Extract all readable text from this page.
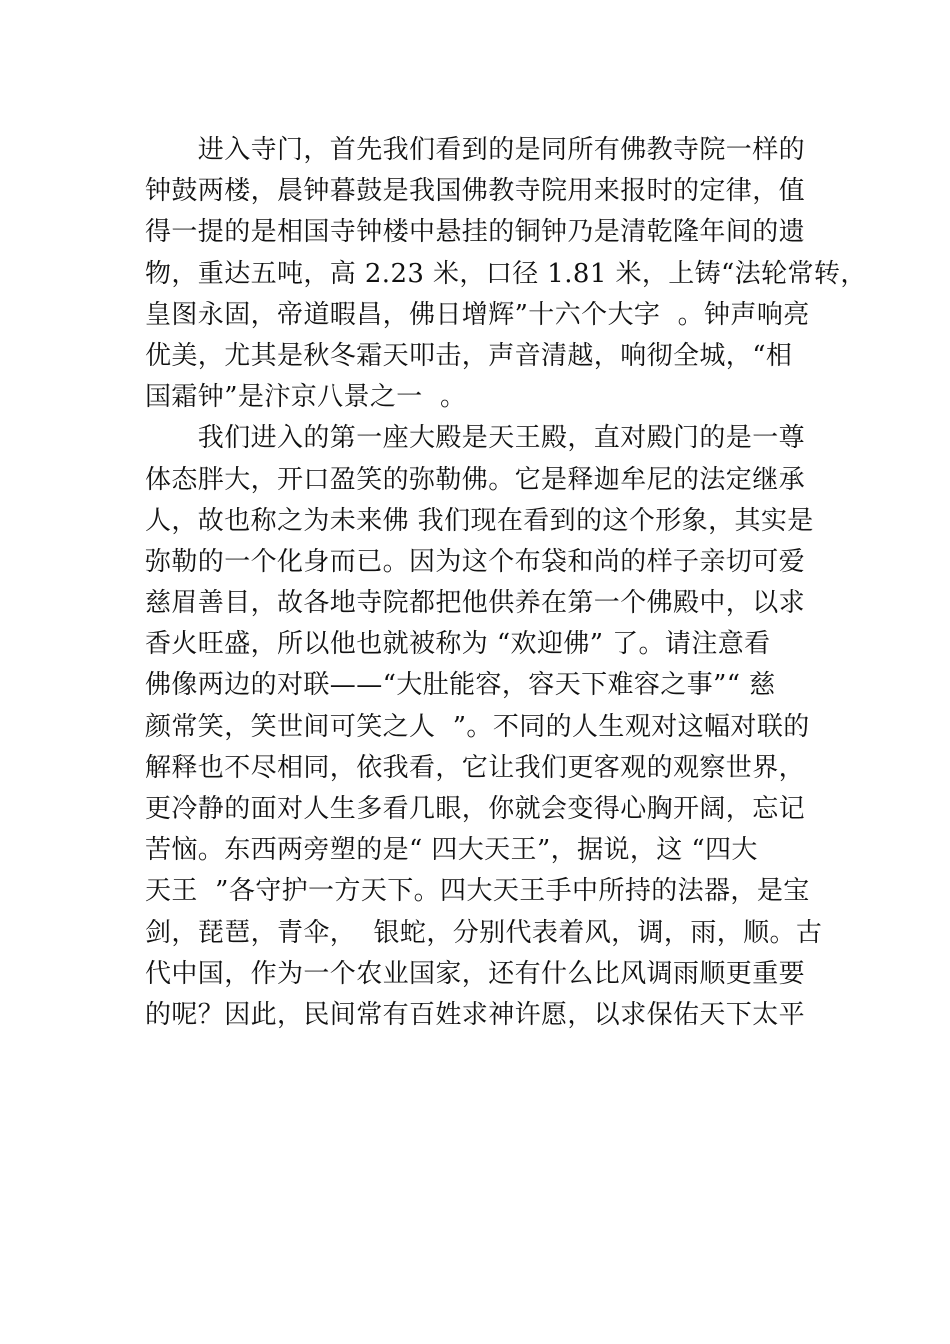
　　进入寺门，首先我们看到的是同所有佛教寺院一样的
钟鼓两楼，晨钟暮鼓是我国佛教寺院用来报时的定律，值
得一提的是相国寺钟楼中悬挂的铜钟乃是清乾隆年间的遗
物，重达五吨，高 2.23 米，口径 1.81 米，上铸“法轮常转，
皇图永固，帝道暇昌，佛日增辉”十六个大字  。钟声响亮
优美，尤其是秋冬霜天叩击，声音清越，响彻全城，“相
国霜钟”是汴京八景之一  。
　　我们进入的第一座大殿是天王殿，直对殿门的是一尊
体态胖大，开口盈笑的弥勒佛。它是释迦牟尼的法定继承
人，故也称之为未来佛 我们现在看到的这个形象，其实是
弥勒的一个化身而已。因为这个布袋和尚的样子亲切可爱
慈眉善目，故各地寺院都把他供养在第一个佛殿中，以求
香火旺盛，所以他也就被称为 “欢迎佛” 了。请注意看
佛像两边的对联——“大肚能容，容天下难容之事”“ 慈
颜常笑，笑世间可笑之人  ”。不同的人生观对这幅对联的
解释也不尽相同，依我看，它让我们更客观的观察世界，
更冷静的面对人生多看几眼，你就会变得心胸开阔，忘记
苦恼。东西两旁塑的是“ 四大天王”，据说，这 “四大
天王  ”各守护一方天下。四大天王手中所持的法器，是宝
剑，琵琶，青伞，  银蛇，分别代表着风，调，雨，顺。古
代中国，作为一个农业国家，还有什么比风调雨顺更重要
的呢？因此，民间常有百姓求神许愿，以求保佑天下太平
